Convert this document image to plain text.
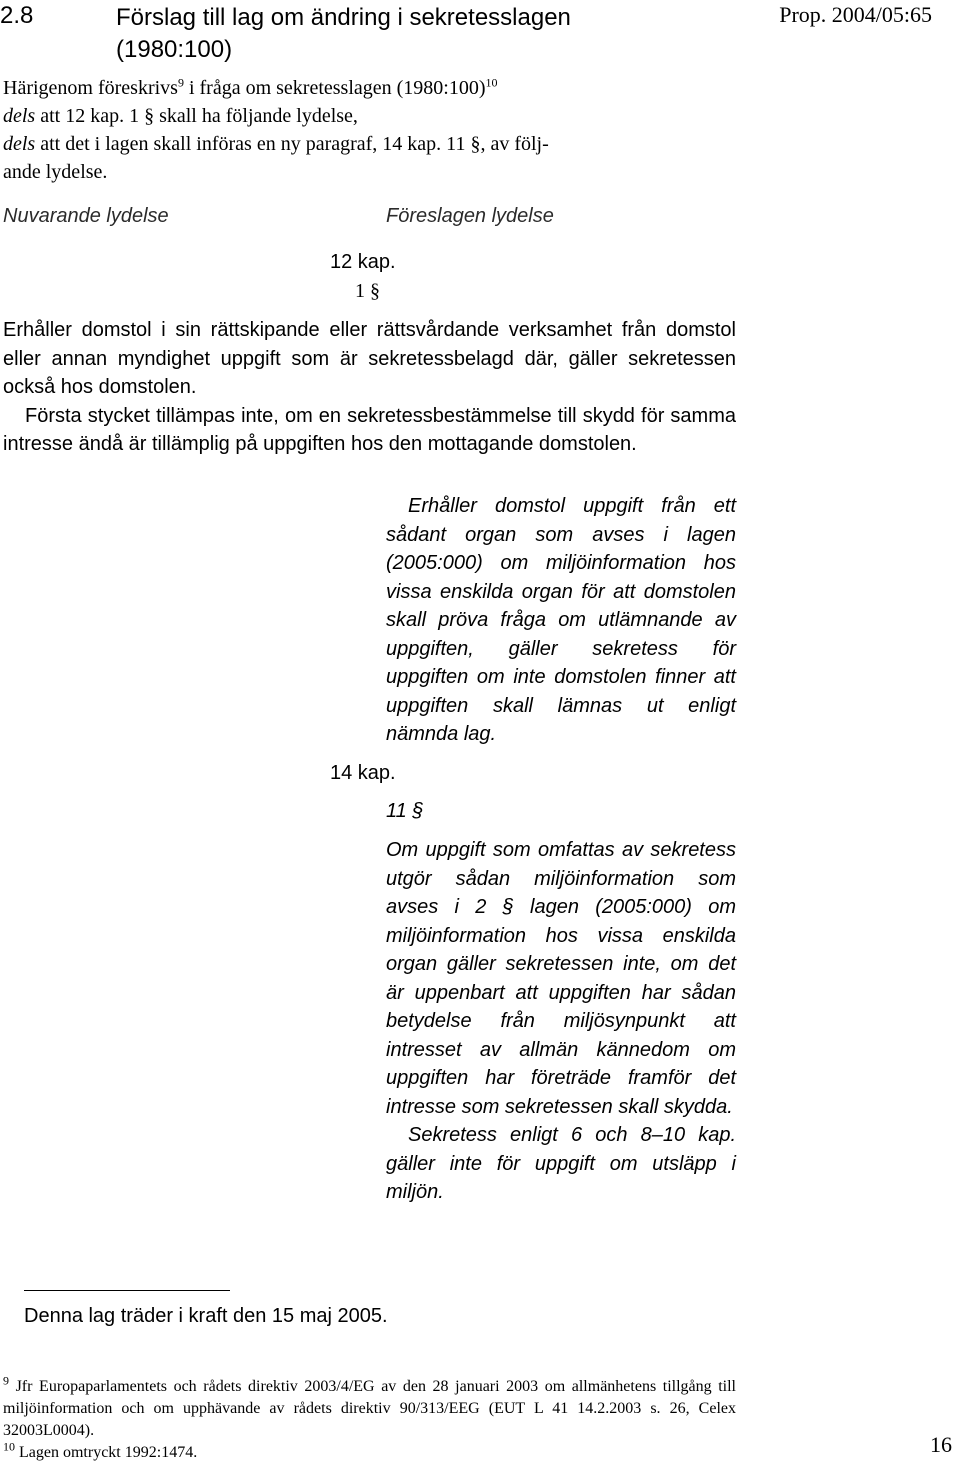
2.8	Förslag till lag om ändring i sekretesslagen
(1980:100)
Prop. 2004/05:65

Härigenom föreskrivs$^9$ i fråga om sekretesslagen (1980:100)$^{10}$

dels att 12 kap. 1 § skall ha följande lydelse,

dels att det i lagen skall införas en ny paragraf, 14 kap. 11 §, av följ-

ande lydelse.

Nuvarande lydelse	Föreslagen lydelse
12 kap.
1 §

Erhåller domstol i sin rättskipande eller rättsvårdande verksamhet från domstol eller annan myndighet uppgift som är sekretessbelagd där, gäller sekretessen också hos domstolen.

Första stycket tillämpas inte, om en sekretessbestämmelse till skydd för samma intresse ändå är tillämplig på uppgiften hos den mottagande domstolen.

Erhåller domstol uppgift från ett sådant organ som avses i lagen (2005:000) om miljöinformation hos vissa enskilda organ för att domstolen skall pröva fråga om utlämnande av uppgiften, gäller sekretess för uppgiften om inte domstolen finner att uppgiften skall lämnas ut enligt nämnda lag.

14 kap.
11 §

Om uppgift som omfattas av sekretess utgör sådan miljöinformation som avses i 2 § lagen (2005:000) om miljöinformation hos vissa enskilda organ gäller sekretessen inte, om det är uppenbart att uppgiften har sådan betydelse från miljösynpunkt att intresset av allmän kännedom om uppgiften har företräde framför det intresse som sekretessen skall skydda.

Sekretess enligt 6 och 8–10 kap. gäller inte för uppgift om utsläpp i miljön.

Denna lag träder i kraft den 15 maj 2005.

$^9$ Jfr Europaparlamentets och rådets direktiv 2003/4/EG av den 28 januari 2003 om allmänhetens tillgång till miljöinformation och om upphävande av rådets direktiv 90/313/EEG (EUT L 41 14.2.2003 s. 26, Celex 32003L0004).

$^{10}$ Lagen omtryckt 1992:1474.	16
